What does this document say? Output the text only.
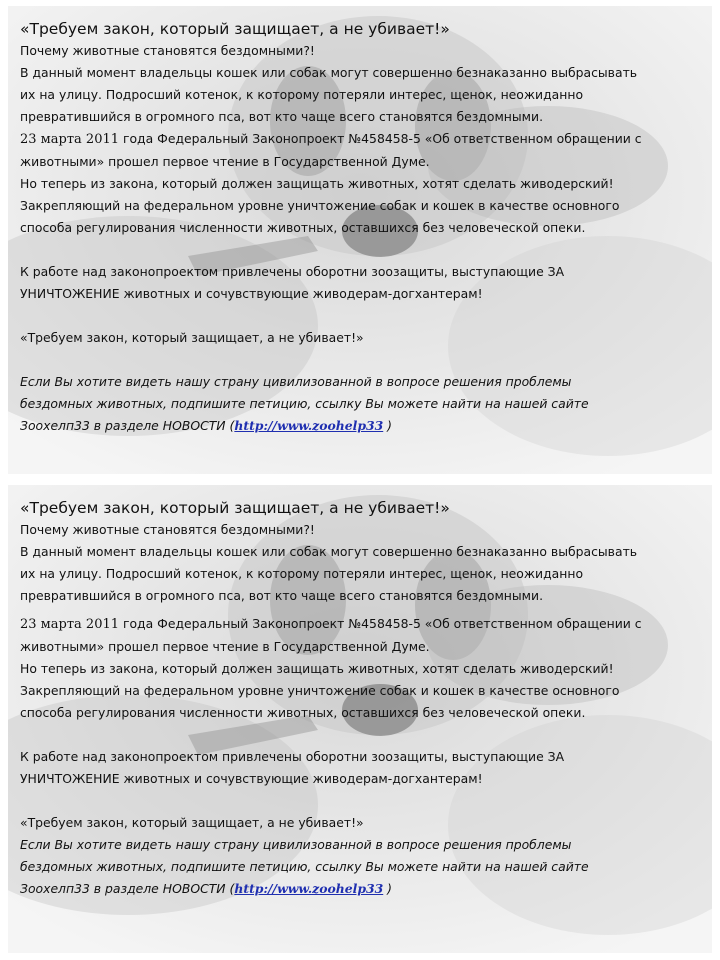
«Требуем закон, который защищает, а не убивает!»

Почему животные становятся бездомными?!

В данный момент владельцы кошек или собак могут совершенно безнаказанно выбрасывать

их на улицу. Подросший котенок, к которому потеряли интерес, щенок, неожиданно

превратившийся в огромного пса, вот кто чаще всего становятся бездомными.

23 марта 2011 года Федеральный Законопроект №458458-5 «Об ответственном обращении с

животными» прошел первое чтение в Государственной Думе.

Но теперь из закона, который должен защищать животных, хотят сделать живодерский!

Закрепляющий на федеральном уровне уничтожение собак и кошек в качестве основного

способа регулирования численности животных, оставшихся без человеческой опеки.

К работе над законопроектом привлечены оборотни зоозащиты, выступающие ЗА

УНИЧТОЖЕНИЕ животных и сочувствующие живодерам-догхантерам!

«Требуем закон, который защищает, а не убивает!»

Если Вы хотите видеть нашу страну цивилизованной в вопросе решения проблемы

бездомных животных, подпишите петицию, ссылку Вы можете найти на нашей сайте

Зоохелп33 в разделе НОВОСТИ (http://www.zoohelp33 )

«Требуем закон, который защищает, а не убивает!»

Почему животные становятся бездомными?!

В данный момент владельцы кошек или собак могут совершенно безнаказанно выбрасывать

их на улицу. Подросший котенок, к которому потеряли интерес, щенок, неожиданно

превратившийся в огромного пса, вот кто чаще всего становятся бездомными.

23 марта 2011 года Федеральный Законопроект №458458-5 «Об ответственном обращении с

животными» прошел первое чтение в Государственной Думе.

Но теперь из закона, который должен защищать животных, хотят сделать живодерский!

Закрепляющий на федеральном уровне уничтожение собак и кошек в качестве основного

способа регулирования численности животных, оставшихся без человеческой опеки.

К работе над законопроектом привлечены оборотни зоозащиты, выступающие ЗА

УНИЧТОЖЕНИЕ животных и сочувствующие живодерам-догхантерам!

«Требуем закон, который защищает, а не убивает!»

Если Вы хотите видеть нашу страну цивилизованной в вопросе решения проблемы

бездомных животных, подпишите петицию, ссылку Вы можете найти на нашей сайте

Зоохелп33 в разделе НОВОСТИ (http://www.zoohelp33 )
